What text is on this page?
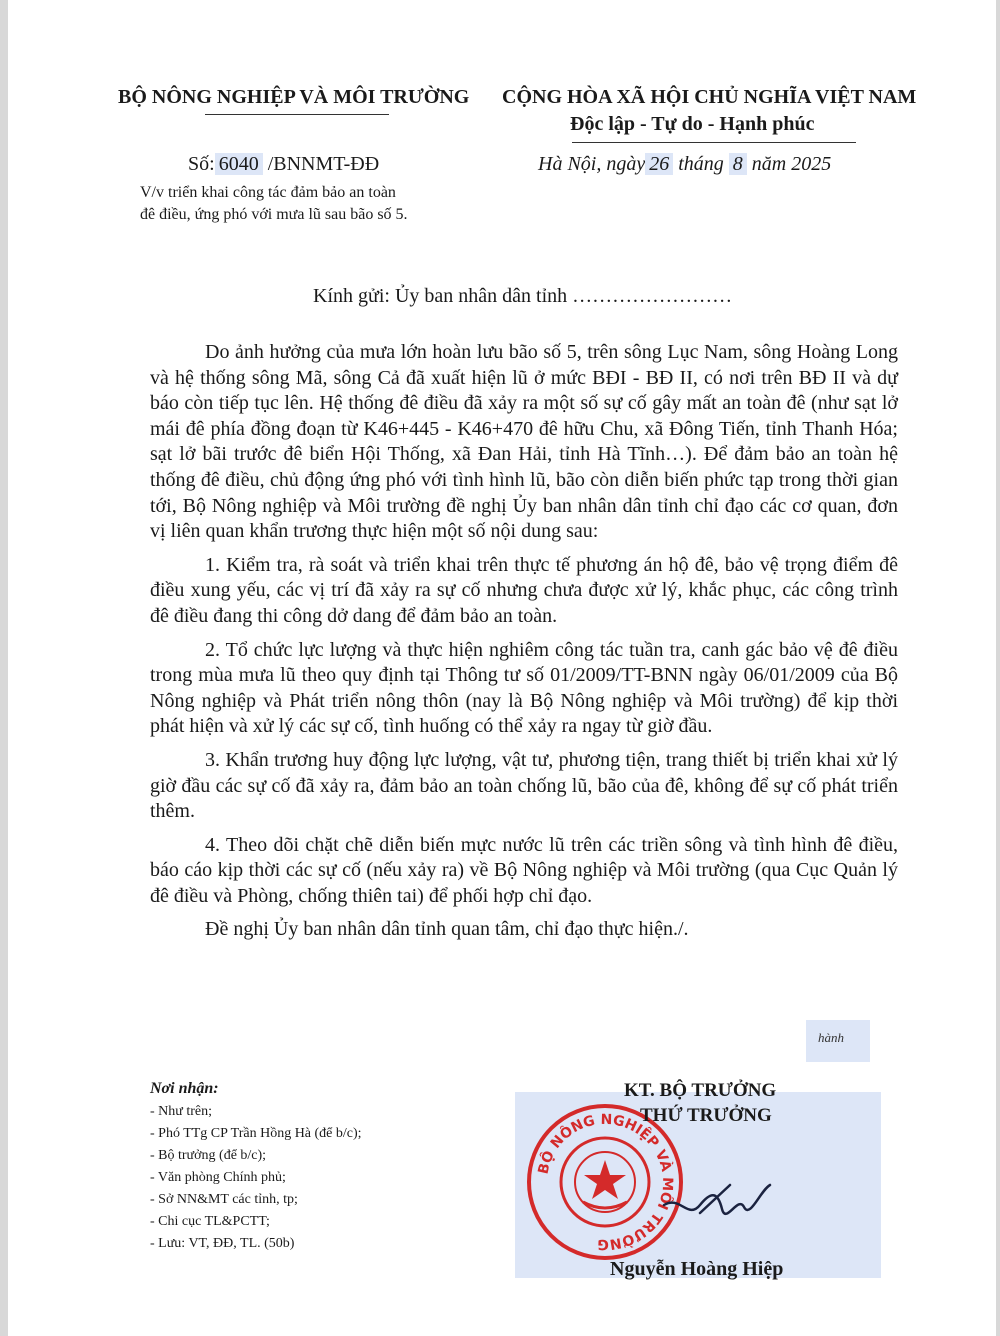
BỘ NÔNG NGHIỆP VÀ MÔI TRƯỜNG CỘNG HÒA XÃ HỘI CHỦ NGHĨA VIỆT NAM
Độc lập - Tự do - Hạnh phúc
Số: 6040 /BNNMT-ĐĐ	Hà Nội, ngày 26 tháng 8 năm 2025
V/v triển khai công tác đảm bảo an toàn
đê điều, ứng phó với mưa lũ sau bão số 5.
Kính gửi: Ủy ban nhân dân tỉnh ……………………

Do ảnh hưởng của mưa lớn hoàn lưu bão số 5, trên sông Lục Nam, sông Hoàng Long và hệ thống sông Mã, sông Cả đã xuất hiện lũ ở mức BĐI - BĐ II, có nơi trên BĐ II và dự báo còn tiếp tục lên. Hệ thống đê điều đã xảy ra một số sự cố gây mất an toàn đê (như sạt lở mái đê phía đồng đoạn từ K46+445 - K46+470 đê hữu Chu, xã Đông Tiến, tỉnh Thanh Hóa; sạt lở bãi trước đê biển Hội Thống, xã Đan Hải, tỉnh Hà Tĩnh…). Để đảm bảo an toàn hệ thống đê điều, chủ động ứng phó với tình hình lũ, bão còn diễn biến phức tạp trong thời gian tới, Bộ Nông nghiệp và Môi trường đề nghị Ủy ban nhân dân tỉnh chỉ đạo các cơ quan, đơn vị liên quan khẩn trương thực hiện một số nội dung sau:

1. Kiểm tra, rà soát và triển khai trên thực tế phương án hộ đê, bảo vệ trọng điểm đê điều xung yếu, các vị trí đã xảy ra sự cố nhưng chưa được xử lý, khắc phục, các công trình đê điều đang thi công dở dang để đảm bảo an toàn.

2. Tổ chức lực lượng và thực hiện nghiêm công tác tuần tra, canh gác bảo vệ đê điều trong mùa mưa lũ theo quy định tại Thông tư số 01/2009/TT-BNN ngày 06/01/2009 của Bộ Nông nghiệp và Phát triển nông thôn (nay là Bộ Nông nghiệp và Môi trường) để kịp thời phát hiện và xử lý các sự cố, tình huống có thể xảy ra ngay từ giờ đầu.

3. Khẩn trương huy động lực lượng, vật tư, phương tiện, trang thiết bị triển khai xử lý giờ đầu các sự cố đã xảy ra, đảm bảo an toàn chống lũ, bão của đê, không để sự cố phát triển thêm.

4. Theo dõi chặt chẽ diễn biến mực nước lũ trên các triền sông và tình hình đê điều, báo cáo kịp thời các sự cố (nếu xảy ra) về Bộ Nông nghiệp và Môi trường (qua Cục Quản lý đê điều và Phòng, chống thiên tai) để phối hợp chỉ đạo.

Đề nghị Ủy ban nhân dân tỉnh quan tâm, chỉ đạo thực hiện./.

hành
Nơi nhận:
- Như trên;
- Phó TTg CP Trần Hồng Hà (để b/c);
- Bộ trưởng (để b/c);
- Văn phòng Chính phủ;
- Sở NN&MT các tỉnh, tp;
- Chi cục TL&PCTT;
- Lưu: VT, ĐĐ, TL. (50b)
BỘ NÔNG NGHIỆP VÀ MÔI TRƯỜNG
KT. BỘ TRƯỞNG
THỨ TRƯỞNG
Nguyễn Hoàng Hiệp
